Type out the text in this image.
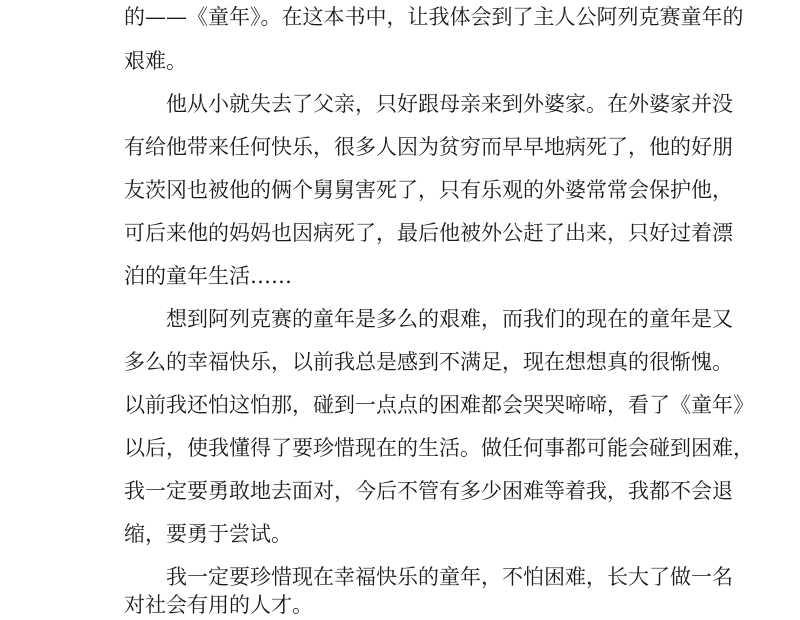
的——《童年》。在这本书中，让我体会到了主人公阿列克赛童年的
艰难。
他从小就失去了父亲，只好跟母亲来到外婆家。在外婆家并没
有给他带来任何快乐，很多人因为贫穷而早早地病死了，他的好朋
友茨冈也被他的俩个舅舅害死了，只有乐观的外婆常常会保护他，
可后来他的妈妈也因病死了，最后他被外公赶了出来，只好过着漂
泊的童年生活……
想到阿列克赛的童年是多么的艰难，而我们的现在的童年是又
多么的幸福快乐，以前我总是感到不满足，现在想想真的很惭愧。
以前我还怕这怕那，碰到一点点的困难都会哭哭啼啼，看了《童年》
以后，使我懂得了要珍惜现在的生活。做任何事都可能会碰到困难，
我一定要勇敢地去面对，今后不管有多少困难等着我，我都不会退
缩，要勇于尝试。
我一定要珍惜现在幸福快乐的童年，不怕困难，长大了做一名
对社会有用的人才。
